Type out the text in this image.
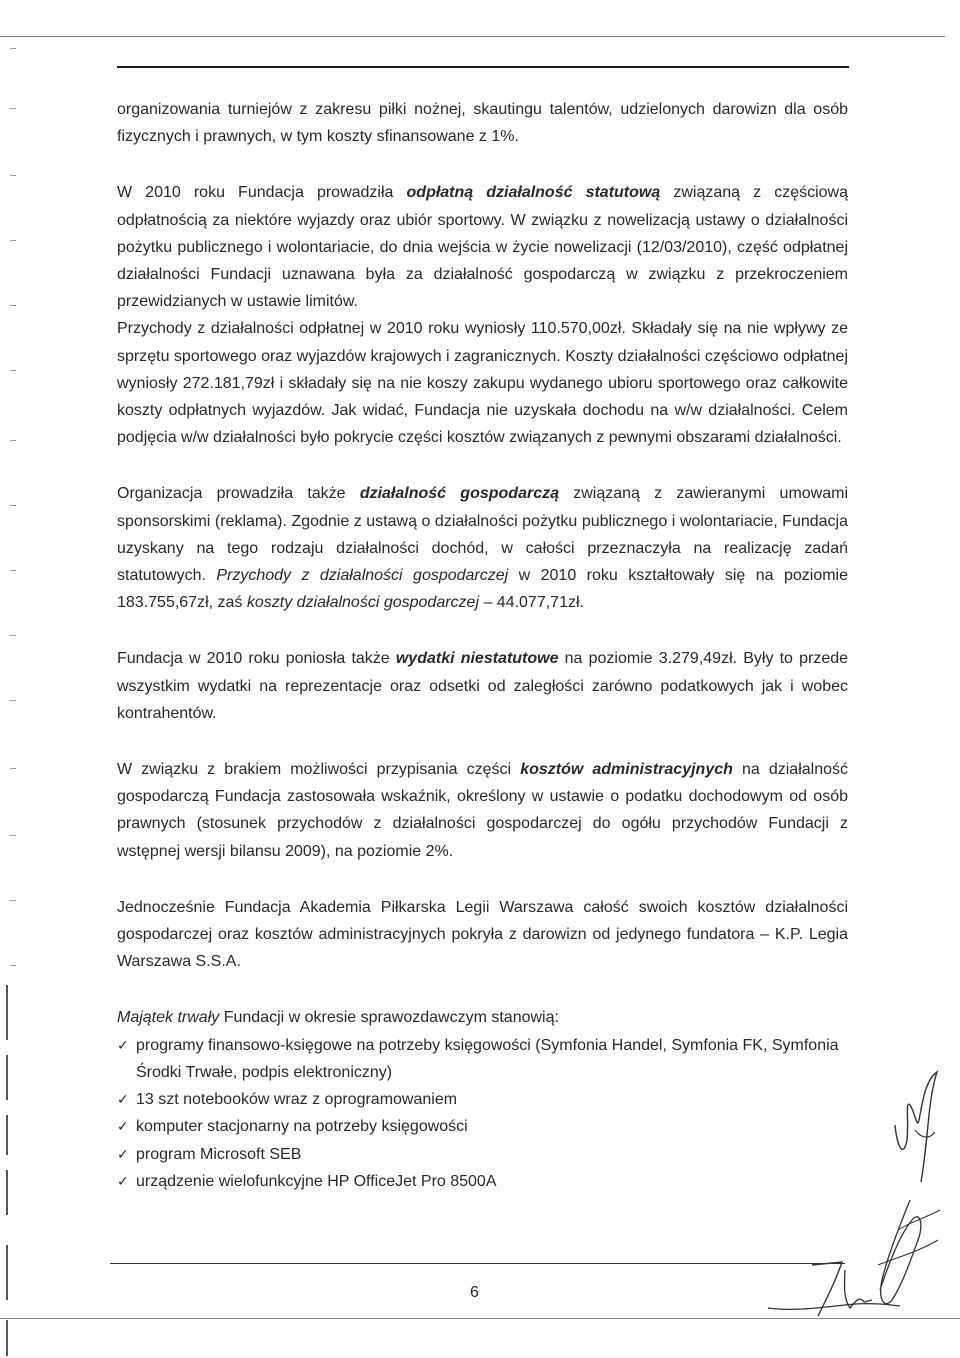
organizowania turniejów z zakresu piłki nożnej, skautingu talentów, udzielonych darowizn dla osób fizycznych i prawnych, w tym koszty sfinansowane z 1%.

W 2010 roku Fundacja prowadziła odpłatną działalność statutową związaną z częściową odpłatnością za niektóre wyjazdy oraz ubiór sportowy. W związku z nowelizacją ustawy o działalności pożytku publicznego i wolontariacie, do dnia wejścia w życie nowelizacji (12/03/2010), część odpłatnej działalności Fundacji uznawana była za działalność gospodarczą w związku z przekroczeniem przewidzianych w ustawie limitów.

Przychody z działalności odpłatnej w 2010 roku wyniosły 110.570,00zł. Składały się na nie wpływy ze sprzętu sportowego oraz wyjazdów krajowych i zagranicznych. Koszty działalności częściowo odpłatnej wyniosły 272.181,79zł i składały się na nie koszy zakupu wydanego ubioru sportowego oraz całkowite koszty odpłatnych wyjazdów. Jak widać, Fundacja nie uzyskała dochodu na w/w działalności. Celem podjęcia w/w działalności było pokrycie części kosztów związanych z pewnymi obszarami działalności.

Organizacja prowadziła także działalność gospodarczą związaną z zawieranymi umowami sponsorskimi (reklama). Zgodnie z ustawą o działalności pożytku publicznego i wolontariacie, Fundacja uzyskany na tego rodzaju działalności dochód, w całości przeznaczyła na realizację zadań statutowych. Przychody z działalności gospodarczej w 2010 roku kształtowały się na poziomie 183.755,67zł, zaś koszty działalności gospodarczej – 44.077,71zł.

Fundacja w 2010 roku poniosła także wydatki niestatutowe na poziomie 3.279,49zł. Były to przede wszystkim wydatki na reprezentacje oraz odsetki od zaległości zarówno podatkowych jak i wobec kontrahentów.

W związku z brakiem możliwości przypisania części kosztów administracyjnych na działalność gospodarczą Fundacja zastosowała wskaźnik, określony w ustawie o podatku dochodowym od osób prawnych (stosunek przychodów z działalności gospodarczej do ogółu przychodów Fundacji z wstępnej wersji bilansu 2009), na poziomie 2%.

Jednocześnie Fundacja Akademia Piłkarska Legii Warszawa całość swoich kosztów działalności gospodarczej oraz kosztów administracyjnych pokryła z darowizn od jedynego fundatora – K.P. Legia Warszawa S.S.A.

Majątek trwały Fundacji w okresie sprawozdawczym stanowią:

✓ programy finansowo-księgowe na potrzeby księgowości (Symfonia Handel, Symfonia FK, Symfonia Środki Trwałe, podpis elektroniczny)
✓ 13 szt notebooków wraz z oprogramowaniem
✓ komputer stacjonarny na potrzeby księgowości
✓ program Microsoft SEB
✓ urządzenie wielofunkcyjne HP OfficeJet Pro 8500A
6
